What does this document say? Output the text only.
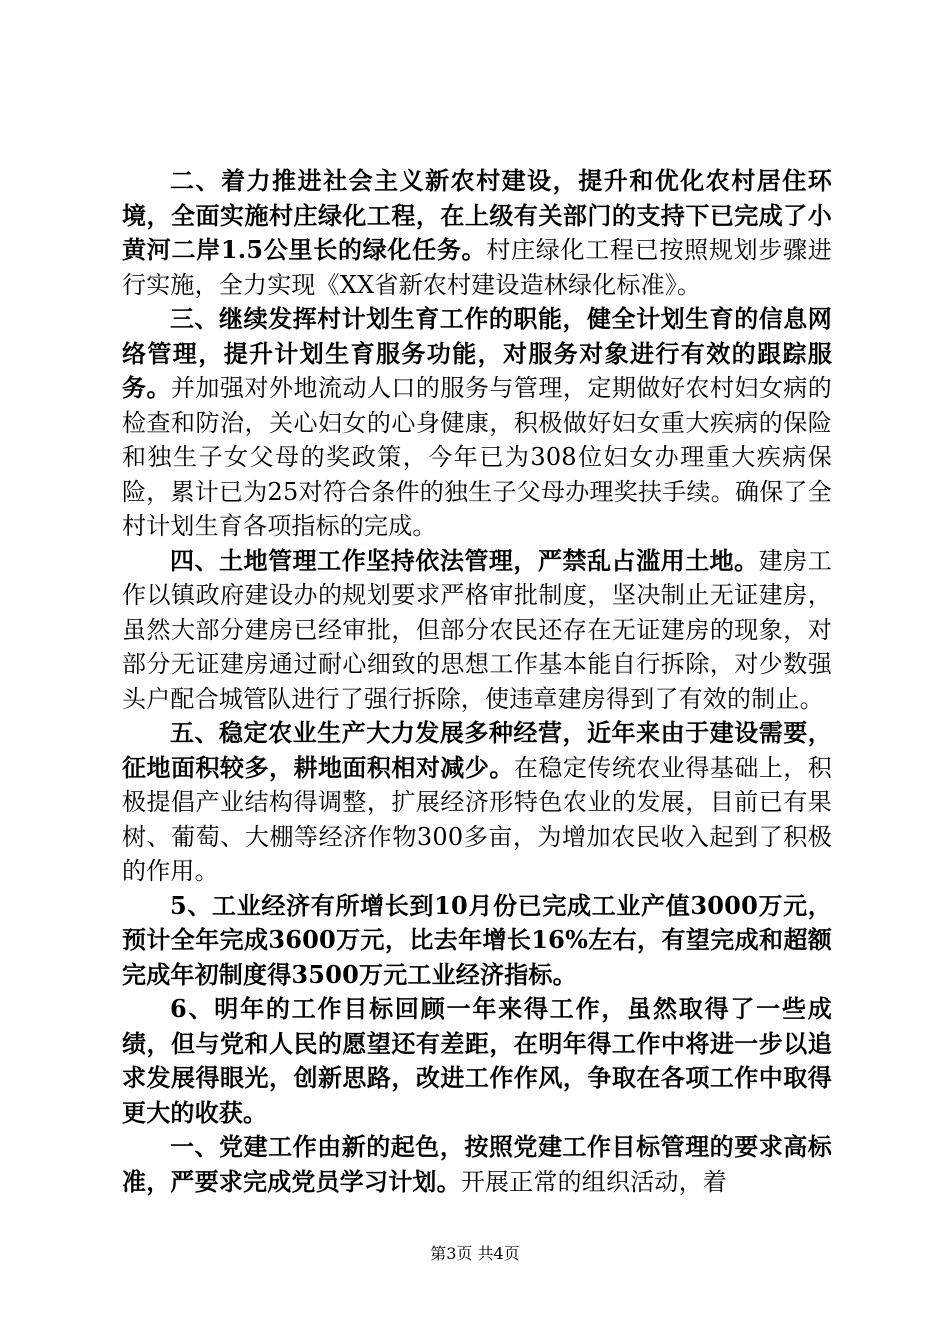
二、着力推进社会主义新农村建设，提升和优化农村居住环境，全面实施村庄绿化工程，在上级有关部门的支持下已完成了小黄河二岸1.5公里长的绿化任务。村庄绿化工程已按照规划步骤进行实施，全力实现《XX省新农村建设造林绿化标准》。

三、继续发挥村计划生育工作的职能，健全计划生育的信息网络管理，提升计划生育服务功能，对服务对象进行有效的跟踪服务。并加强对外地流动人口的服务与管理，定期做好农村妇女病的检查和防治，关心妇女的心身健康，积极做好妇女重大疾病的保险和独生子女父母的奖政策，今年已为308位妇女办理重大疾病保险，累计已为25对符合条件的独生子父母办理奖扶手续。确保了全村计划生育各项指标的完成。

四、土地管理工作坚持依法管理，严禁乱占滥用土地。建房工作以镇政府建设办的规划要求严格审批制度，坚决制止无证建房，虽然大部分建房已经审批，但部分农民还存在无证建房的现象，对部分无证建房通过耐心细致的思想工作基本能自行拆除，对少数强头户配合城管队进行了强行拆除，使违章建房得到了有效的制止。

五、稳定农业生产大力发展多种经营，近年来由于建设需要，征地面积较多，耕地面积相对减少。在稳定传统农业得基础上，积极提倡产业结构得调整，扩展经济形特色农业的发展，目前已有果树、葡萄、大棚等经济作物300多亩，为增加农民收入起到了积极的作用。

5、工业经济有所增长到10月份已完成工业产值3000万元，预计全年完成3600万元，比去年增长16%左右，有望完成和超额完成年初制度得3500万元工业经济指标。

6、明年的工作目标回顾一年来得工作，虽然取得了一些成绩，但与党和人民的愿望还有差距，在明年得工作中将进一步以追求发展得眼光，创新思路，改进工作作风，争取在各项工作中取得更大的收获。

一、党建工作由新的起色，按照党建工作目标管理的要求高标准，严要求完成党员学习计划。开展正常的组织活动，着

第3页 共4页
